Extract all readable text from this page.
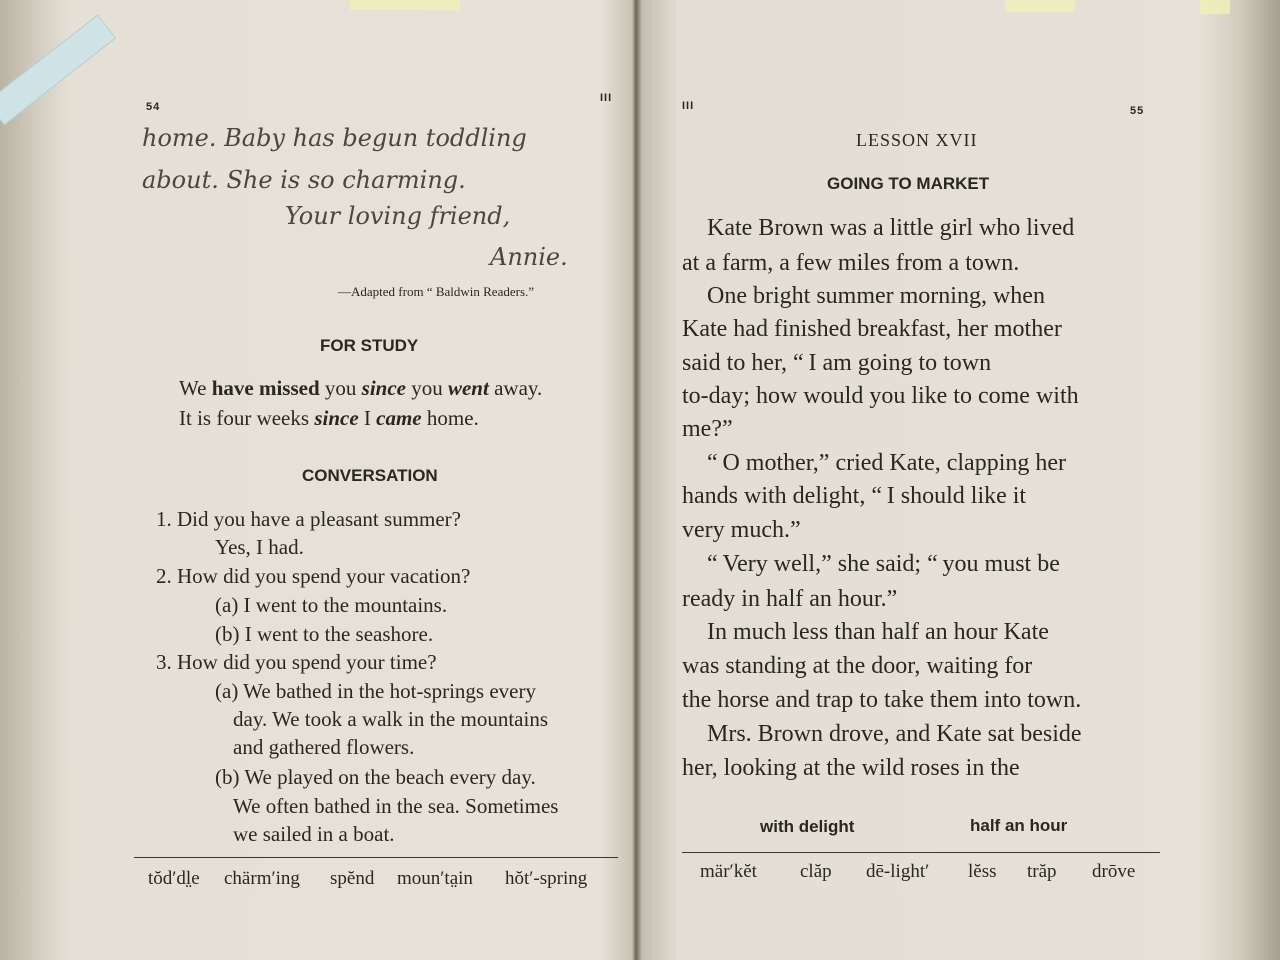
54
III
home. Baby has begun toddling
about. She is so charming.
Your loving friend,
Annie.
—Adapted from “ Baldwin Readers.”
FOR STUDY
We have missed you since you went away.
It is four weeks since I came home.
CONVERSATION
1. Did you have a pleasant summer?
Yes, I had.
2. How did you spend your vacation?
(a) I went to the mountains.
(b) I went to the seashore.
3. How did you spend your time?
(a) We bathed in the hot-springs every
day. We took a walk in the mountains
and gathered flowers.
(b) We played on the beach every day.
We often bathed in the sea. Sometimes
we sailed in a boat.
tŏd′dl̤e chärm′ing spĕnd moun′ta̤in hŏt′-spring
III	55
LESSON XVII
GOING TO MARKET
Kate Brown was a little girl who lived
at a farm, a few miles from a town.
One bright summer morning, when
Kate had finished breakfast, her mother
said to her, “ I am going to town
to-day; how would you like to come with
me?”
“ O mother,” cried Kate, clapping her
hands with delight, “ I should like it
very much.”
“ Very well,” she said; “ you must be
ready in half an hour.”
In much less than half an hour Kate
was standing at the door, waiting for
the horse and trap to take them into town.
Mrs. Brown drove, and Kate sat beside
her, looking at the wild roses in the
with delight	half an hour
mär′kĕt clăp dē-light′ lĕss trăp drōve
